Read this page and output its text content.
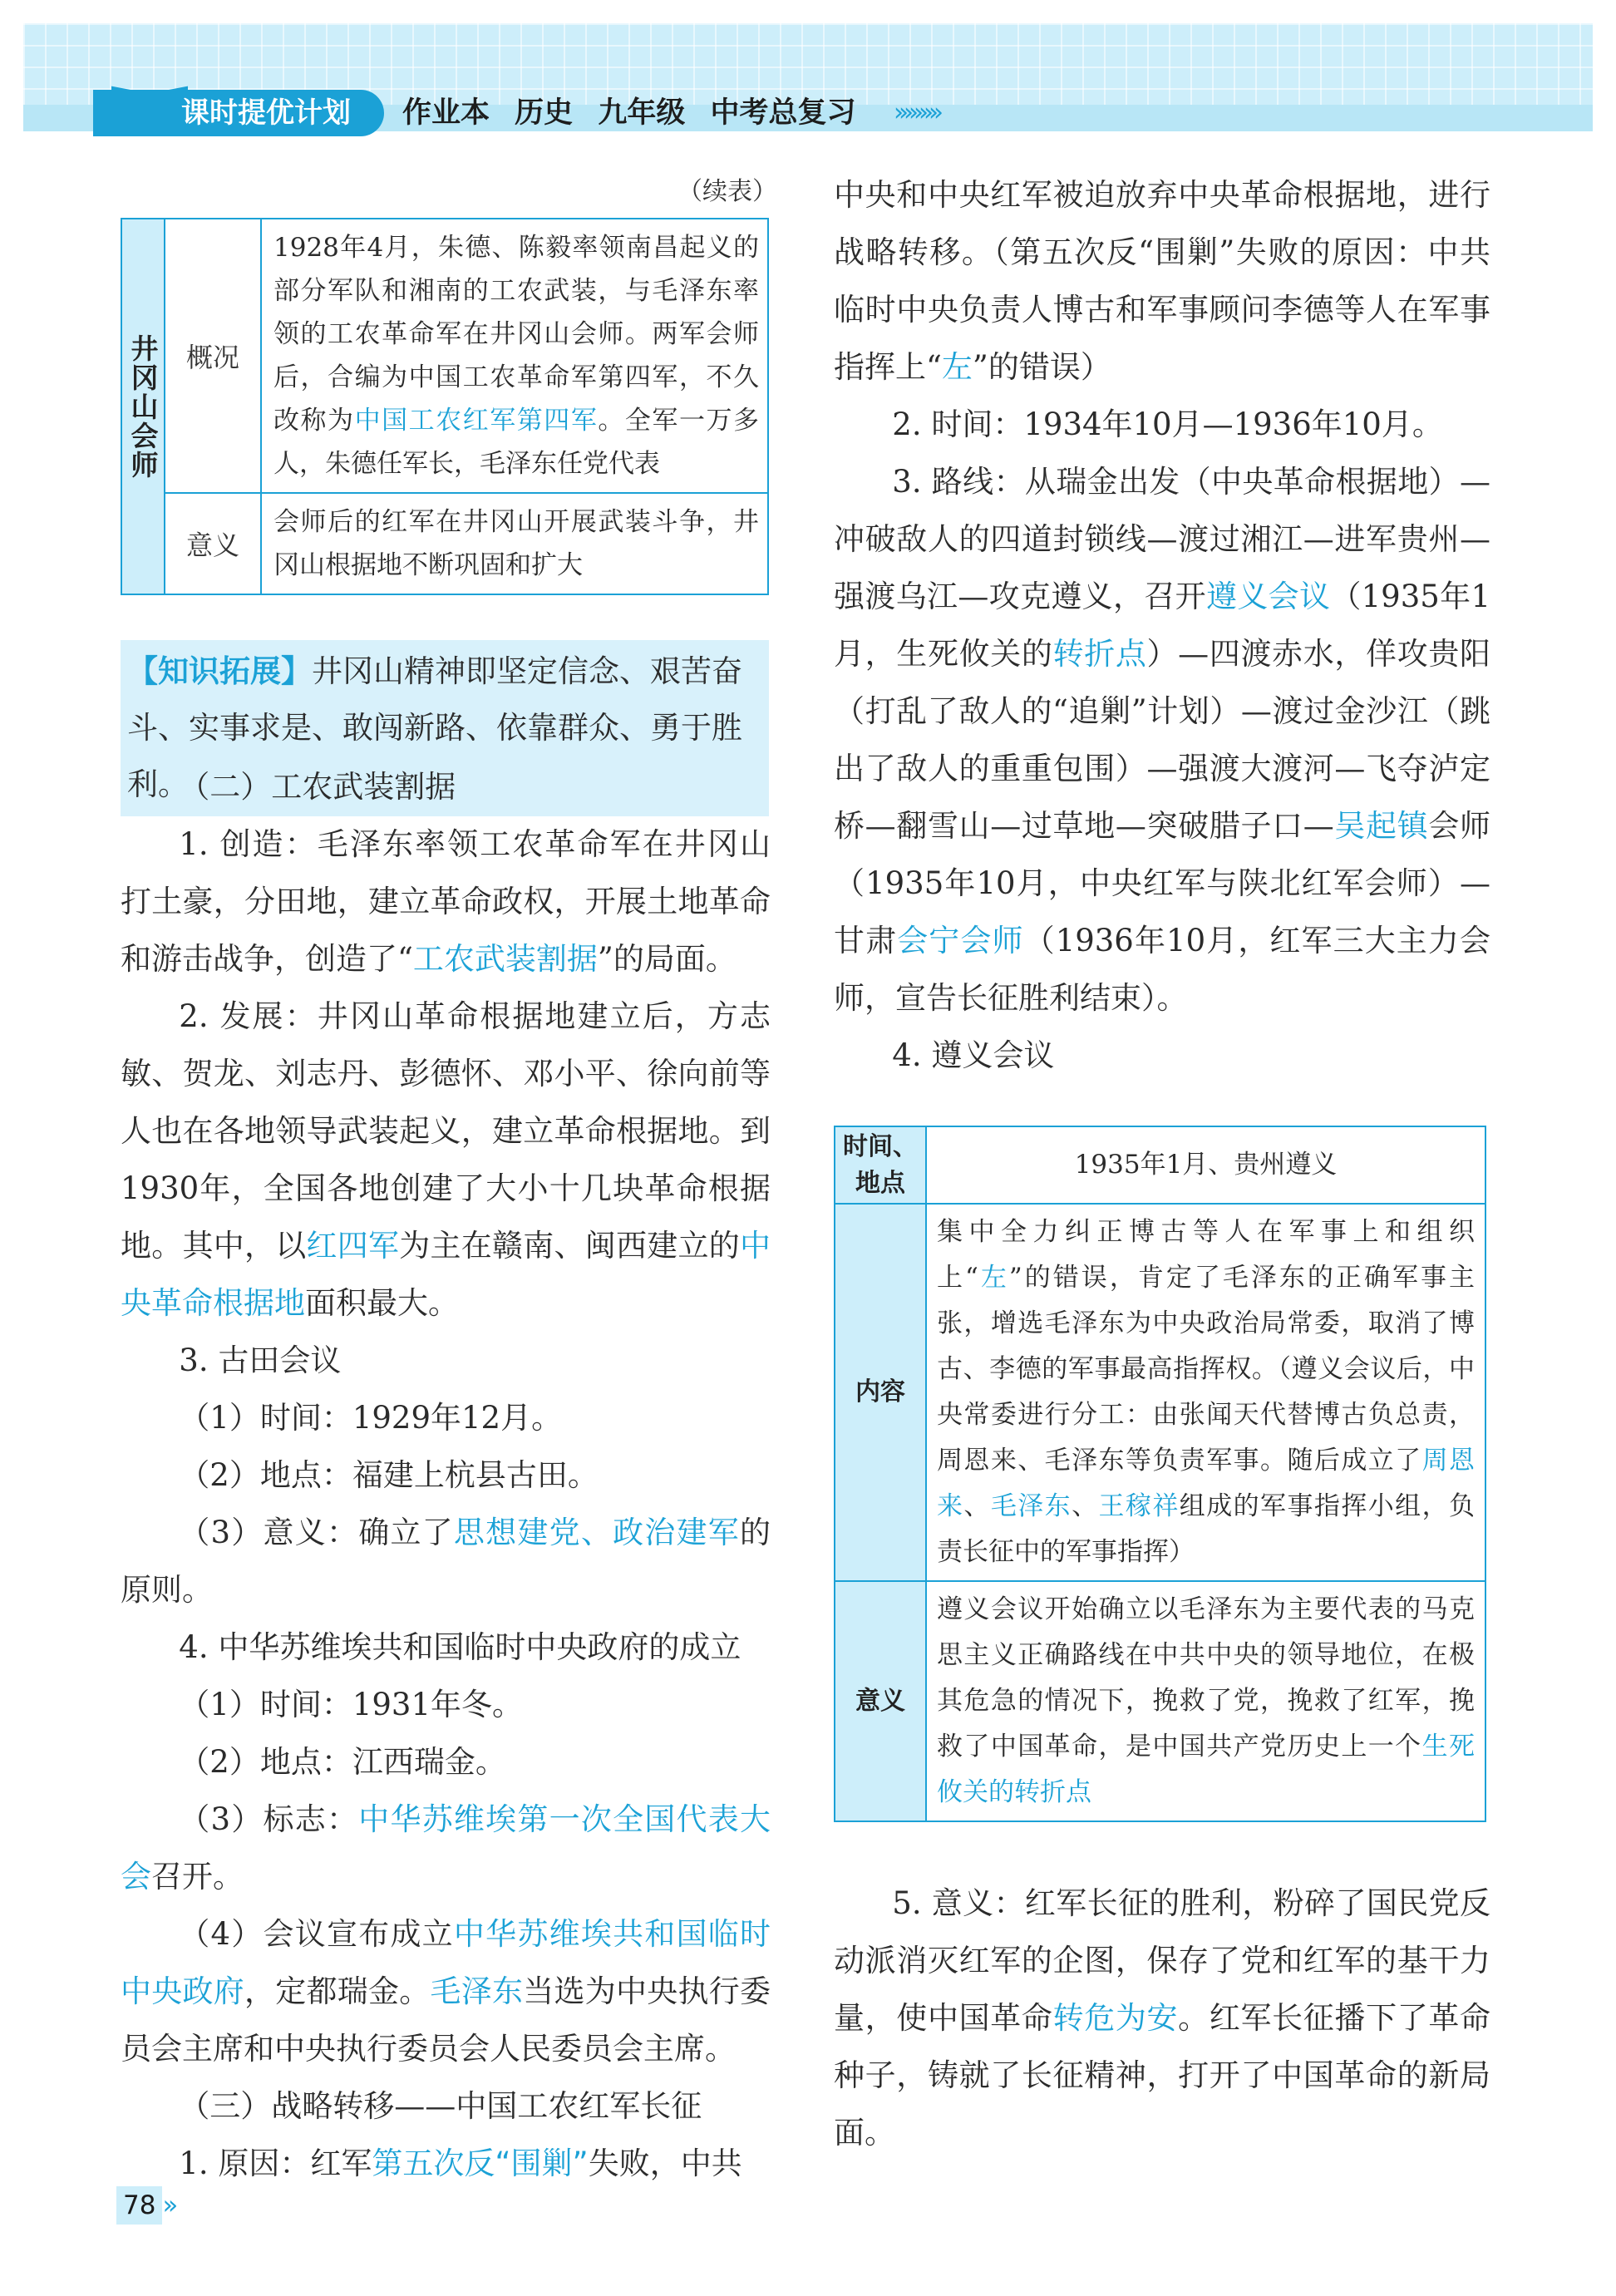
课时提优计划	作业本 历史 九年级 中考总复习 ›››››››››
（续表）
井冈山会师	概况	1928年4月，朱德、陈毅率领南昌起义的部分军队和湘南的工农武装，与毛泽东率领的工农革命军在井冈山会师。两军会师后，合编为中国工农革命军第四军，不久改称为中国工农红军第四军。全军一万多人，朱德任军长，毛泽东任党代表
	意义	会师后的红军在井冈山开展武装斗争，井冈山根据地不断巩固和扩大
【知识拓展】井冈山精神即坚定信念、艰苦奋斗、实事求是、敢闯新路、依靠群众、勇于胜利。

（二）工农武装割据

1. 创造：毛泽东率领工农革命军在井冈山打土豪，分田地，建立革命政权，开展土地革命和游击战争，创造了“工农武装割据”的局面。

2. 发展：井冈山革命根据地建立后，方志敏、贺龙、刘志丹、彭德怀、邓小平、徐向前等人也在各地领导武装起义，建立革命根据地。到1930年，全国各地创建了大小十几块革命根据地。其中，以红四军为主在赣南、闽西建立的中央革命根据地面积最大。

3. 古田会议

（1）时间：1929年12月。

（2）地点：福建上杭县古田。

（3）意义：确立了思想建党、政治建军的原则。

4. 中华苏维埃共和国临时中央政府的成立

（1）时间：1931年冬。

（2）地点：江西瑞金。

（3）标志：中华苏维埃第一次全国代表大会召开。

（4）会议宣布成立中华苏维埃共和国临时中央政府，定都瑞金。毛泽东当选为中央执行委员会主席和中央执行委员会人民委员会主席。

（三）战略转移——中国工农红军长征

1. 原因：红军第五次反“围剿”失败，中共

中央和中央红军被迫放弃中央革命根据地，进行战略转移。（第五次反“围剿”失败的原因：中共临时中央负责人博古和军事顾问李德等人在军事指挥上“左”的错误）

2. 时间：1934年10月—1936年10月。

3. 路线：从瑞金出发（中央革命根据地）—冲破敌人的四道封锁线—渡过湘江—进军贵州—强渡乌江—攻克遵义，召开遵义会议（1935年1月，生死攸关的转折点）—四渡赤水，佯攻贵阳（打乱了敌人的“追剿”计划）—渡过金沙江（跳出了敌人的重重包围）—强渡大渡河—飞夺泸定桥—翻雪山—过草地—突破腊子口—吴起镇会师（1935年10月，中央红军与陕北红军会师）—甘肃会宁会师（1936年10月，红军三大主力会师，宣告长征胜利结束）。

4. 遵义会议

时间、地点	1935年1月、贵州遵义
内容	集中全力纠正博古等人在军事上和组织上“左”的错误，肯定了毛泽东的正确军事主张，增选毛泽东为中央政治局常委，取消了博古、李德的军事最高指挥权。（遵义会议后，中央常委进行分工：由张闻天代替博古负总责，周恩来、毛泽东等负责军事。随后成立了周恩来、毛泽东、王稼祥组成的军事指挥小组，负责长征中的军事指挥）
意义	遵义会议开始确立以毛泽东为主要代表的马克思主义正确路线在中共中央的领导地位，在极其危急的情况下，挽救了党，挽救了红军，挽救了中国革命，是中国共产党历史上一个生死攸关的转折点

5. 意义：红军长征的胜利，粉碎了国民党反动派消灭红军的企图，保存了党和红军的基干力量，使中国革命转危为安。红军长征播下了革命种子，铸就了长征精神，打开了中国革命的新局面。

78 ››
